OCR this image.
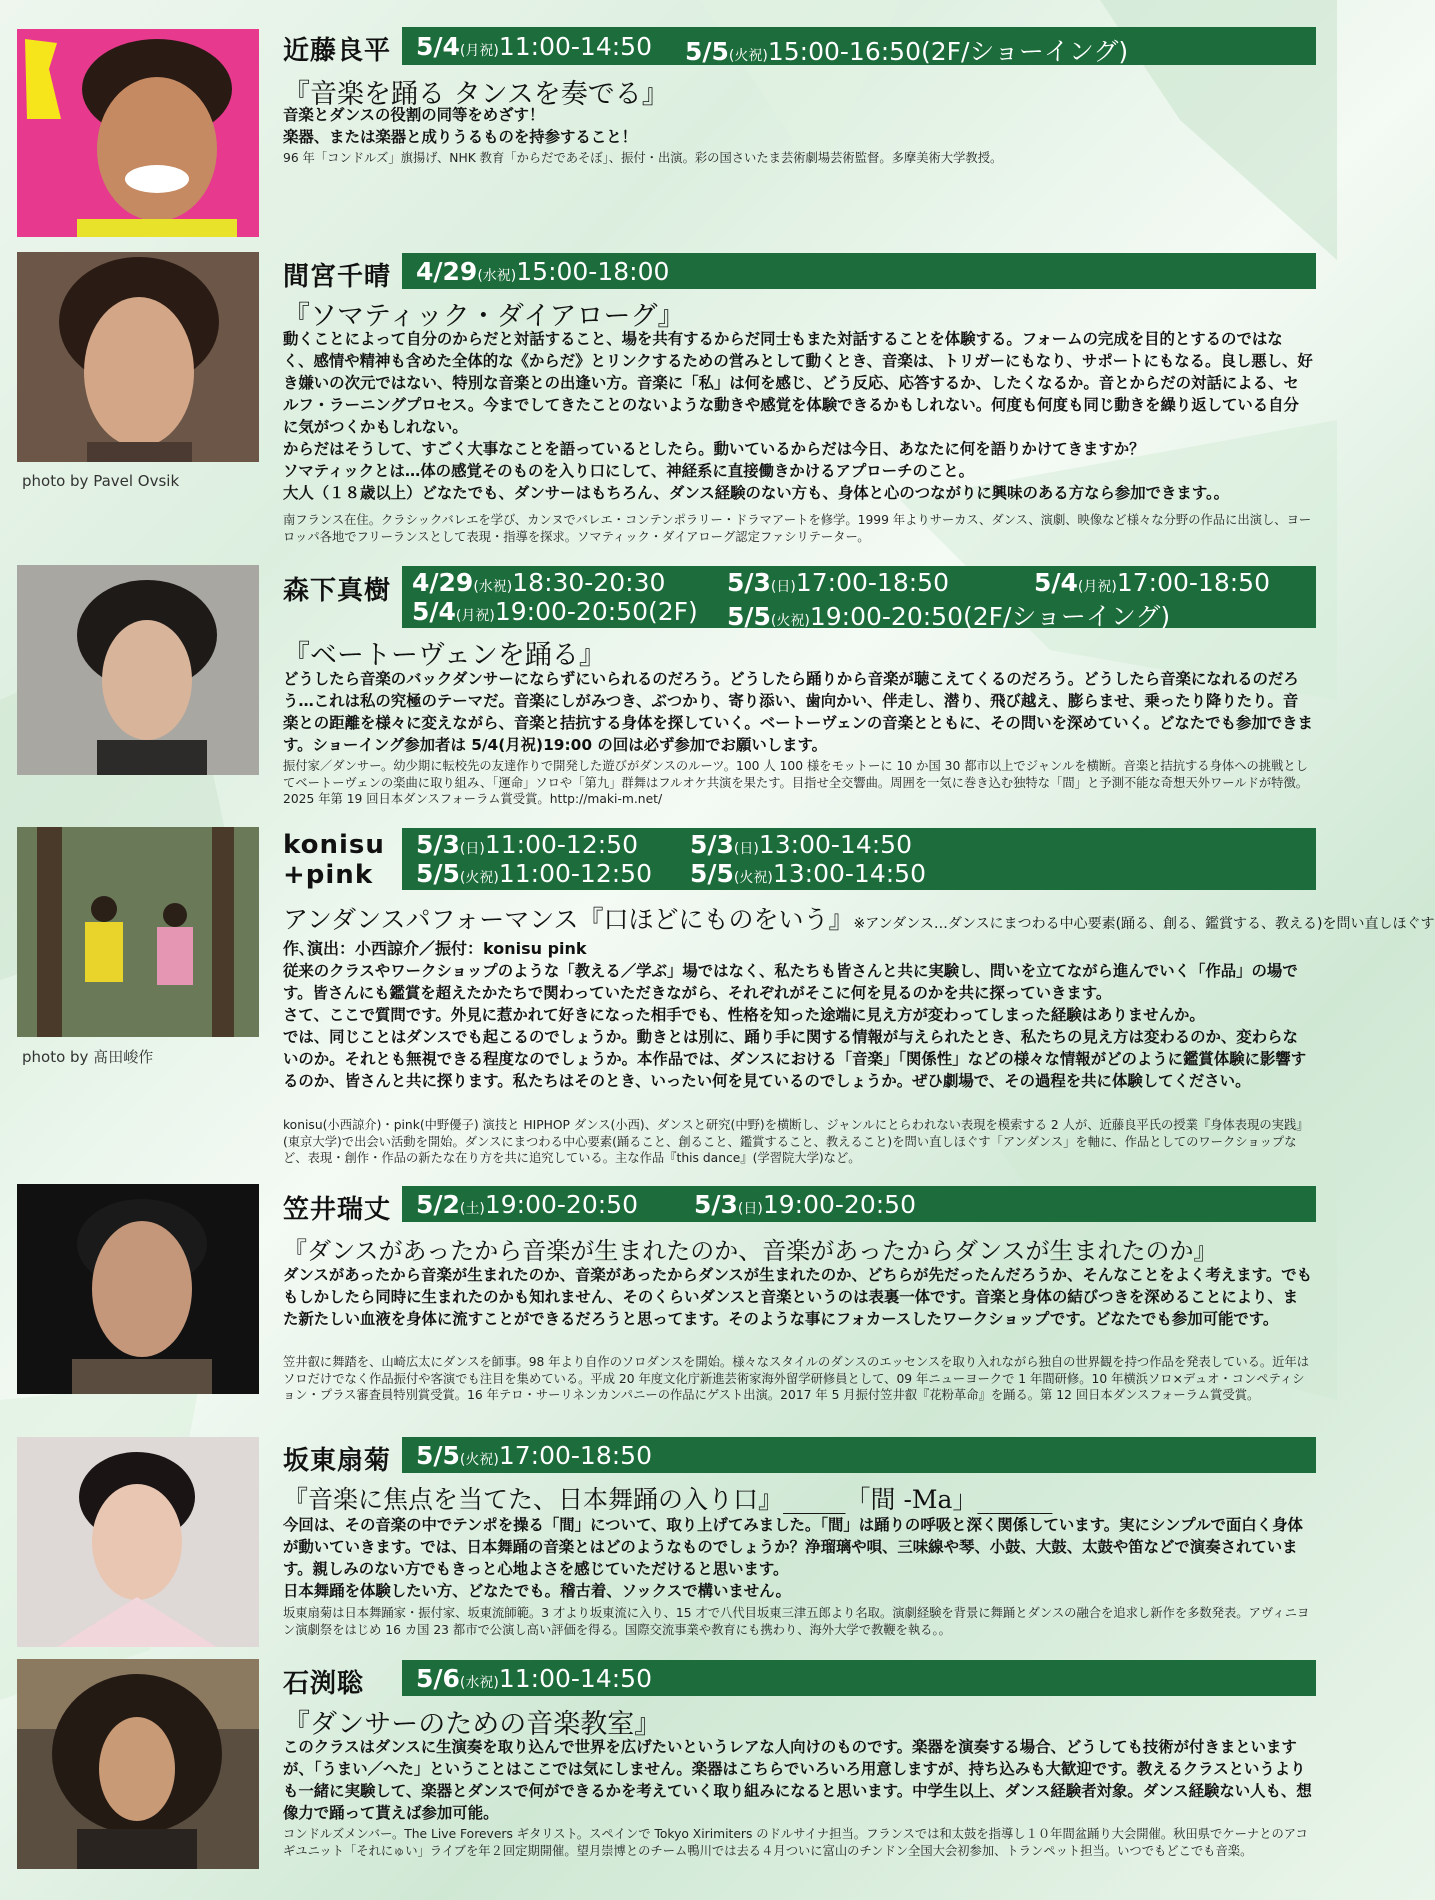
近藤良平 5/4(月祝)11:00-14:50 5/5(火祝)15:00-16:50(2F/ショーイング)
『音楽を踊る タンスを奏でる』
音楽とダンスの役割の同等をめざす！
楽器、または楽器と成りうるものを持参すること！
96 年「コンドルズ」旗揚げ、NHK 教育「からだであそぼ」、振付・出演。彩の国さいたま芸術劇場芸術監督。多摩美術大学教授。
photo by Pavel Ovsik
間宮千晴 4/29(水祝)15:00-18:00
『ソマティック・ダイアローグ』
動くことによって自分のからだと対話すること、場を共有するからだ同士もまた対話することを体験する。フォームの完成を目的とするのではなく、感情や精神も含めた全体的な《からだ》とリンクするための営みとして動くとき、音楽は、トリガーにもなり、サポートにもなる。良し悪し、好き嫌いの次元ではない、特別な音楽との出逢い方。音楽に「私」は何を感じ、どう反応、応答するか、したくなるか。音とからだの対話による、セルフ・ラーニングプロセス。今までしてきたことのないような動きや感覚を体験できるかもしれない。何度も何度も同じ動きを繰り返している自分に気がつくかもしれない。
からだはそうして、すごく大事なことを語っているとしたら。動いているからだは今日、あなたに何を語りかけてきますか？
ソマティックとは…体の感覚そのものを入り口にして、神経系に直接働きかけるアプローチのこと。
大人（１８歳以上）どなたでも、ダンサーはもちろん、ダンス経験のない方も、身体と心のつながりに興味のある方なら参加できます。。
南フランス在住。クラシックバレエを学び、カンヌでバレエ・コンテンポラリー・ドラマアートを修学。1999 年よりサーカス、ダンス、演劇、映像など様々な分野の作品に出演し、ヨーロッパ各地でフリーランスとして表現・指導を探求。ソマティック・ダイアローグ認定ファシリテーター。
森下真樹 4/29(水祝)18:30-20:30 5/3(日)17:00-18:50	5/4(月祝)17:00-18:50
5/4(月祝)19:00-20:50(2F) 5/5(火祝)19:00-20:50(2F/ショーイング)
『ベートーヴェンを踊る』
どうしたら音楽のバックダンサーにならずにいられるのだろう。どうしたら踊りから音楽が聴こえてくるのだろう。どうしたら音楽になれるのだろう…これは私の究極のテーマだ。音楽にしがみつき、ぶつかり、寄り添い、歯向かい、伴走し、潜り、飛び越え、膨らませ、乗ったり降りたり。音楽との距離を様々に変えながら、音楽と拮抗する身体を探していく。ベートーヴェンの音楽とともに、その問いを深めていく。どなたでも参加できます。ショーイング参加者は 5/4(月祝)19:00 の回は必ず参加でお願いします。
振付家／ダンサー。幼少期に転校先の友達作りで開発した遊びがダンスのルーツ。100 人 100 様をモットーに 10 か国 30 都市以上でジャンルを横断。音楽と拮抗する身体への挑戦としてベートーヴェンの楽曲に取り組み、「運命」ソロや「第九」群舞はフルオケ共演を果たす。目指せ全交響曲。周囲を一気に巻き込む独特な「間」と予測不能な奇想天外ワールドが特徴。2025 年第 19 回日本ダンスフォーラム賞受賞。http://maki-m.net/
photo by 髙田峻作
konisu
+pink
5/3(日)11:00-12:50 5/3(日)13:00-14:50
5/5(火祝)11:00-12:50 5/5(火祝)13:00-14:50
アンダンスパフォーマンス『口ほどにものをいう』※アンダンス…ダンスにまつわる中心要素(踊る、創る、鑑賞する、教える)を問い直しほぐす
作､演出：小西諒介／振付：konisu pink
従来のクラスやワークショップのような「教える／学ぶ」場ではなく、私たちも皆さんと共に実験し、問いを立てながら進んでいく「作品」の場です。皆さんにも鑑賞を超えたかたちで関わっていただきながら、それぞれがそこに何を見るのかを共に探っていきます。
さて、ここで質問です。外見に惹かれて好きになった相手でも、性格を知った途端に見え方が変わってしまった経験はありませんか。
では、同じことはダンスでも起こるのでしょうか。動きとは別に、踊り手に関する情報が与えられたとき、私たちの見え方は変わるのか、変わらないのか。それとも無視できる程度なのでしょうか。本作品では、ダンスにおける「音楽」「関係性」などの様々な情報がどのように鑑賞体験に影響するのか、皆さんと共に探ります。私たちはそのとき、いったい何を見ているのでしょうか。ぜひ劇場で、その過程を共に体験してください。
konisu(小西諒介)・pink(中野優子) 演技と HIPHOP ダンス(小西)、ダンスと研究(中野)を横断し、ジャンルにとらわれない表現を模索する 2 人が、近藤良平氏の授業『身体表現の実践』(東京大学)で出会い活動を開始。ダンスにまつわる中心要素(踊ること、創ること、鑑賞すること、教えること)を問い直しほぐす「アンダンス」を軸に、作品としてのワークショップなど、表現・創作・作品の新たな在り方を共に追究している。主な作品『this dance』(学習院大学)など。
笠井瑞丈 5/2(土)19:00-20:50 5/3(日)19:00-20:50
『ダンスがあったから音楽が生まれたのか、音楽があったからダンスが生まれたのか』
ダンスがあったから音楽が生まれたのか、音楽があったからダンスが生まれたのか、どちらが先だったんだろうか、そんなことをよく考えます。でももしかしたら同時に生まれたのかも知れません、そのくらいダンスと音楽というのは表裏一体です。音楽と身体の結びつきを深めることにより、また新たしい血液を身体に流すことができるだろうと思ってます。そのような事にフォカースしたワークショップです。どなたでも参加可能です。
笠井叡に舞踏を、山崎広太にダンスを師事。98 年より自作のソロダンスを開始。様々なスタイルのダンスのエッセンスを取り入れながら独自の世界観を持つ作品を発表している。近年はソロだけでなく作品振付や客演でも注目を集めている。平成 20 年度文化庁新進芸術家海外留学研修員として、09 年ニューヨークで 1 年間研修。10 年横浜ソロ×デュオ・コンペティション・プラス審査員特別賞受賞。16 年テロ・サーリネンカンパニーの作品にゲスト出演。2017 年 5 月振付笠井叡『花粉革命』を踊る。第 12 回日本ダンスフォーラム賞受賞。
坂東扇菊 5/5(火祝)17:00-18:50
『音楽に焦点を当てた、日本舞踊の入り口』_____「間 -Ma」______
今回は、その音楽の中でテンポを操る「間」について、取り上げてみました。「間」は踊りの呼吸と深く関係しています。実にシンプルで面白く身体が動いていきます。では、日本舞踊の音楽とはどのようなものでしょうか？浄瑠璃や唄、三味線や琴、小鼓、大鼓、太鼓や笛などで演奏されています。親しみのない方でもきっと心地よさを感じていただけると思います。
日本舞踊を体験したい方、どなたでも。稽古着、ソックスで構いません。
坂東扇菊は日本舞踊家・振付家、坂東流師範。3 才より坂東流に入り、15 才で八代目坂東三津五郎より名取。演劇経験を背景に舞踊とダンスの融合を追求し新作を多数発表。アヴィニヨン演劇祭をはじめ 16 カ国 23 都市で公演し高い評価を得る。国際交流事業や教育にも携わり、海外大学で教鞭を執る。。
石渕聡 5/6(水祝)11:00-14:50
『ダンサーのための音楽教室』
このクラスはダンスに生演奏を取り込んで世界を広げたいというレアな人向けのものです。楽器を演奏する場合、どうしても技術が付きまといますが、「うまい／へた」ということはここでは気にしません。楽器はこちらでいろいろ用意しますが、持ち込みも大歓迎です。教えるクラスというよりも一緒に実験して、楽器とダンスで何ができるかを考えていく取り組みになると思います。中学生以上、ダンス経験者対象。ダンス経験ない人も、想像力で踊って貰えば参加可能。
コンドルズメンバー。The Live Forevers ギタリスト。スペインで Tokyo Xirimiters のドルサイナ担当。フランスでは和太鼓を指導し１０年間盆踊り大会開催。秋田県でケーナとのアコギユニット「それにゅい」ライブを年２回定期開催。望月崇博とのチーム鴨川では去る４月ついに富山のチンドン全国大会初参加、トランペット担当。いつでもどこでも音楽。
